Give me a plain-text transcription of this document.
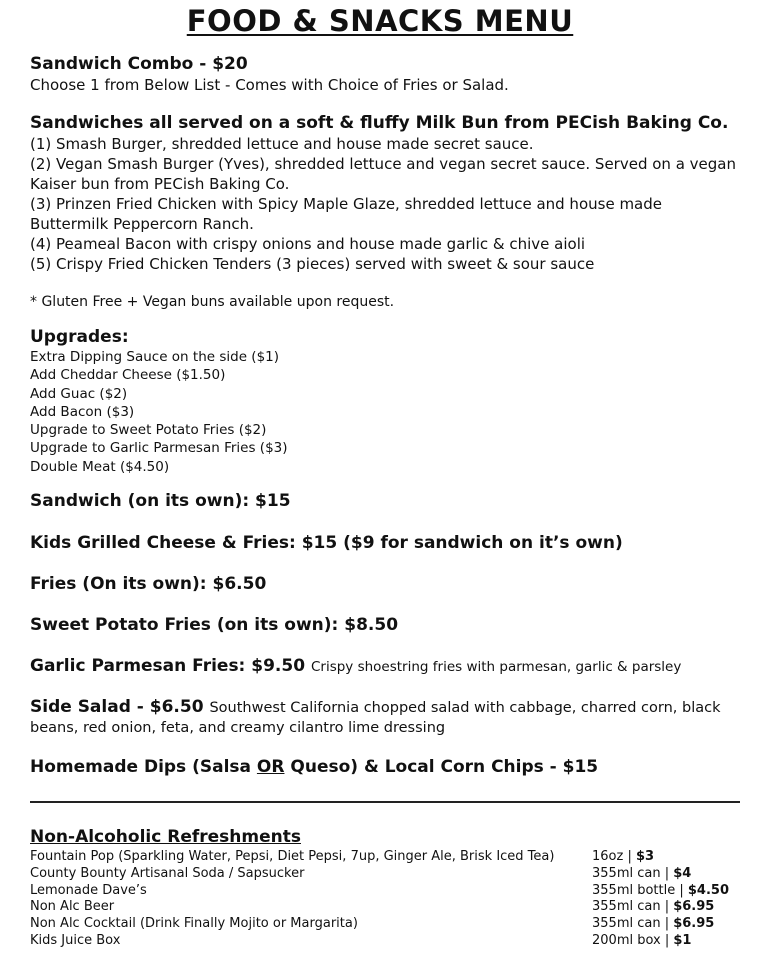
FOOD & SNACKS MENU

Sandwich Combo - $20

Choose 1 from Below List - Comes with Choice of Fries or Salad.

Sandwiches all served on a soft & fluffy Milk Bun from PECish Baking Co.

(1) Smash Burger, shredded lettuce and house made secret sauce.

(2) Vegan Smash Burger (Yves), shredded lettuce and vegan secret sauce. Served on a vegan

Kaiser bun from PECish Baking Co.

(3) Prinzen Fried Chicken with Spicy Maple Glaze, shredded lettuce and house made

Buttermilk Peppercorn Ranch.

(4) Peameal Bacon with crispy onions and house made garlic & chive aioli

(5) Crispy Fried Chicken Tenders (3 pieces) served with sweet & sour sauce

* Gluten Free + Vegan buns available upon request.

Upgrades:

Extra Dipping Sauce on the side ($1)

Add Cheddar Cheese ($1.50)

Add Guac ($2)

Add Bacon ($3)

Upgrade to Sweet Potato Fries ($2)

Upgrade to Garlic Parmesan Fries ($3)

Double Meat ($4.50)

Sandwich (on its own): $15

Kids Grilled Cheese & Fries: $15 ($9 for sandwich on it’s own)

Fries (On its own): $6.50

Sweet Potato Fries (on its own): $8.50

Garlic Parmesan Fries: $9.50 Crispy shoestring fries with parmesan, garlic & parsley

Side Salad - $6.50 Southwest California chopped salad with cabbage, charred corn, black

beans, red onion, feta, and creamy cilantro lime dressing

Homemade Dips (Salsa OR Queso) & Local Corn Chips - $15

Non-Alcoholic Refreshments
Fountain Pop (Sparkling Water, Pepsi, Diet Pepsi, 7up, Ginger Ale, Brisk Iced Tea)	16oz | $3
County Bounty Artisanal Soda / Sapsucker	355ml can | $4
Lemonade Dave’s	355ml bottle | $4.50
Non Alc Beer	355ml can | $6.95
Non Alc Cocktail (Drink Finally Mojito or Margarita)	355ml can | $6.95
Kids Juice Box	200ml box | $1
